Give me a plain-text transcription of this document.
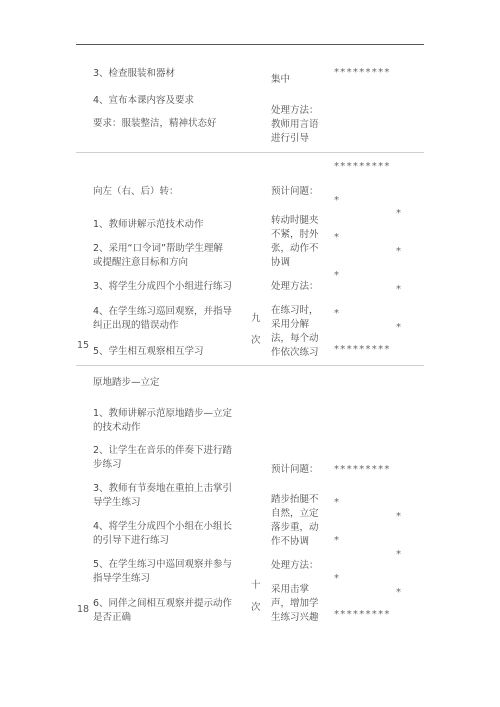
3、检查服装和器材
4、宣布本课内容及要求
要求：服装整洁，精神状态好
集中
处理方法：
教师用言语
进行引导
*********
*********
向左（右、后）转：
1、教师讲解示范技术动作
2、采用“口令词”帮助学生理解
或提醒注意目标和方向
3、将学生分成四个小组进行练习
4、在学生练习巡回观察，并指导
纠正出现的错误动作
5、学生相互观察相互学习
预计问题：
转动时腿夹
不紧，肘外
张，动作不
协调
处理方法：
在练习时，
采用分解
法，每个动
作依次练习
九
次
15
*
*
*
*
*
*
*
*
*********
原地踏步—立定
1、教师讲解示范原地踏步—立定
的技术动作
2、让学生在音乐的伴奏下进行踏
步练习
3、教师有节奏地在重拍上击掌引
导学生练习
4、将学生分成四个小组在小组长
的引导下进行练习
5、在学生练习中巡回观察并参与
指导学生练习
6、同伴之间相互观察并提示动作
是否正确
预计问题：
踏步抬腿不
自然，立定
落步重，动
作不协调
处理方法：
采用击掌
声，增加学
生练习兴趣
十
次
18
*********
*
*
*
*
*
*
*********
